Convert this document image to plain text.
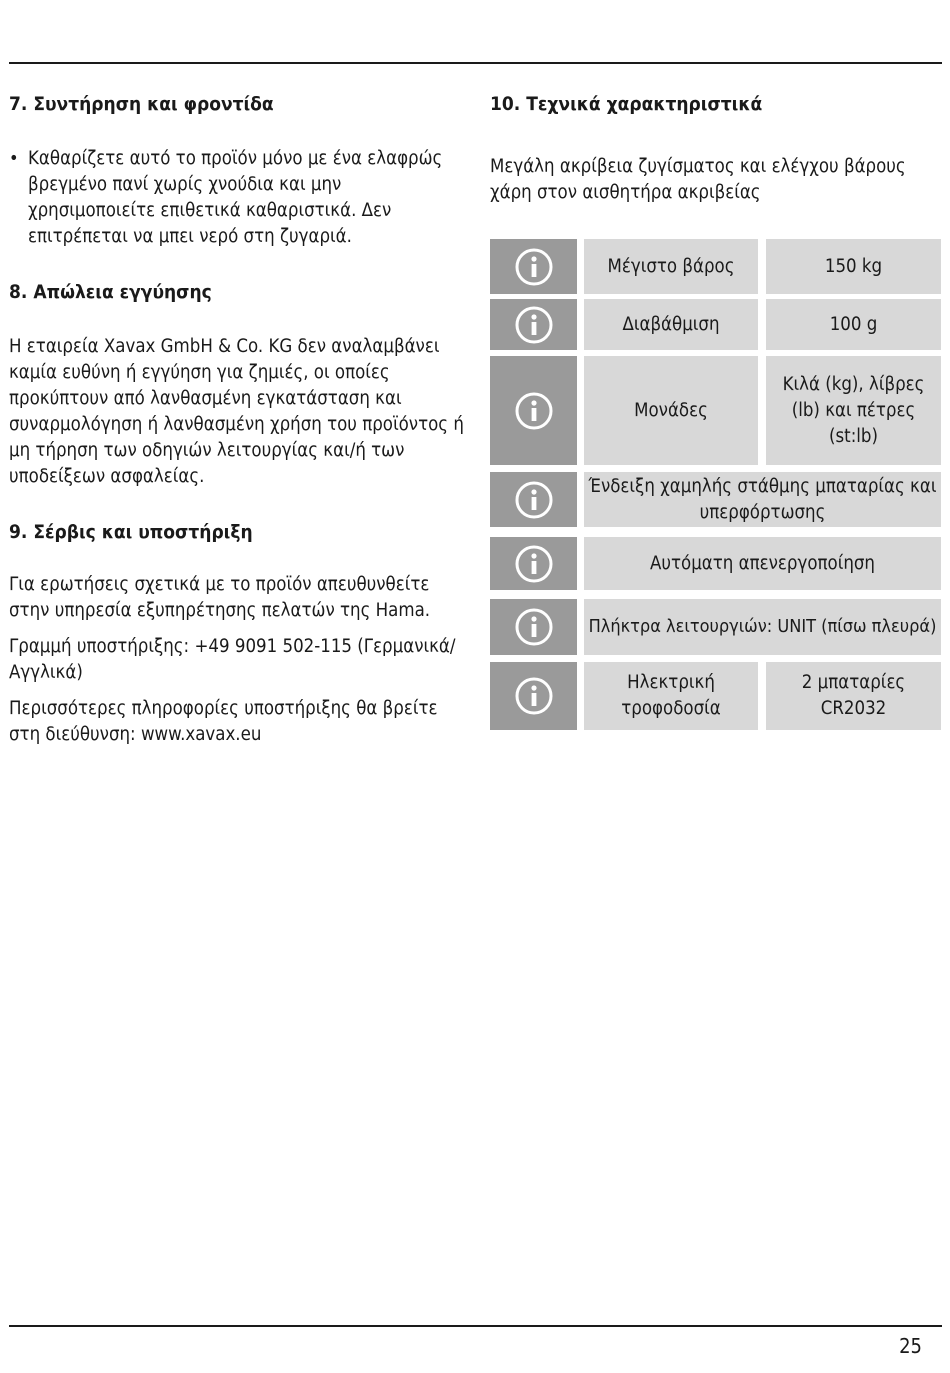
7. Συντήρηση και φροντίδα

• Καθαρίζετε αυτό το προϊόν μόνο με ένα ελαφρώς βρεγμένο πανί χωρίς χνούδια και μην χρησιμοποιείτε επιθετικά καθαριστικά. Δεν επιτρέπεται να μπει νερό στη ζυγαριά.

8. Απώλεια εγγύησης

Η εταιρεία Xavax GmbH & Co. KG δεν αναλαμβάνει καμία ευθύνη ή εγγύηση για ζημιές, οι οποίες προκύπτουν από λανθασμένη εγκατάσταση και συναρμολόγηση ή λανθασμένη χρήση του προϊόντος ή μη τήρηση των οδηγιών λειτουργίας και/ή των υποδείξεων ασφαλείας.

9. Σέρβις και υποστήριξη

Για ερωτήσεις σχετικά με το προϊόν απευθυνθείτε στην υπηρεσία εξυπηρέτησης πελατών της Hama.

Γραμμή υποστήριξης: +49 9091 502-115 (Γερμανικά/Αγγλικά)

Περισσότερες πληροφορίες υποστήριξης θα βρείτε στη διεύθυνση: www.xavax.eu

10. Τεχνικά χαρακτηριστικά

Μεγάλη ακρίβεια ζυγίσματος και ελέγχου βάρους χάρη στον αισθητήρα ακριβείας

Μέγιστο βάρος	150 kg
Διαβάθμιση	100 g
Μονάδες
Κιλά (kg), λίβρες (lb) και πέτρες (st:lb)
Ένδειξη χαμηλής στάθμης μπαταρίας και υπερφόρτωσης
Αυτόματη απενεργοποίηση
Πλήκτρα λειτουργιών: UNIT (πίσω πλευρά)
Ηλεκτρική τροφοδοσία
2 μπαταρίες CR2032
25
